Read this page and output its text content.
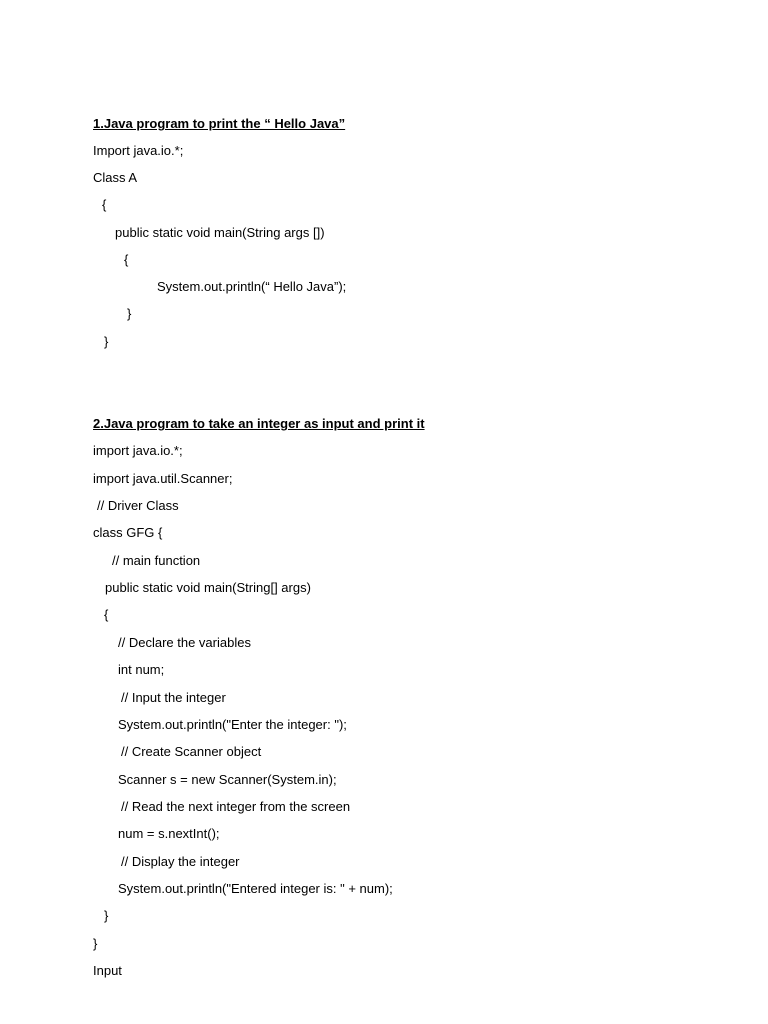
1.Java program to print the “ Hello Java”
Import java.io.*;
Class A
{
public static void main(String args [])
{
System.out.println(“ Hello Java”);
}
}
2.Java program to take an integer as input and print it
import java.io.*;
import java.util.Scanner;
// Driver Class
class GFG {
// main function
public static void main(String[] args)
{
// Declare the variables
int num;
// Input the integer
System.out.println("Enter the integer: ");
// Create Scanner object
Scanner s = new Scanner(System.in);
// Read the next integer from the screen
num = s.nextInt();
// Display the integer
System.out.println("Entered integer is: " + num);
}
}
Input
